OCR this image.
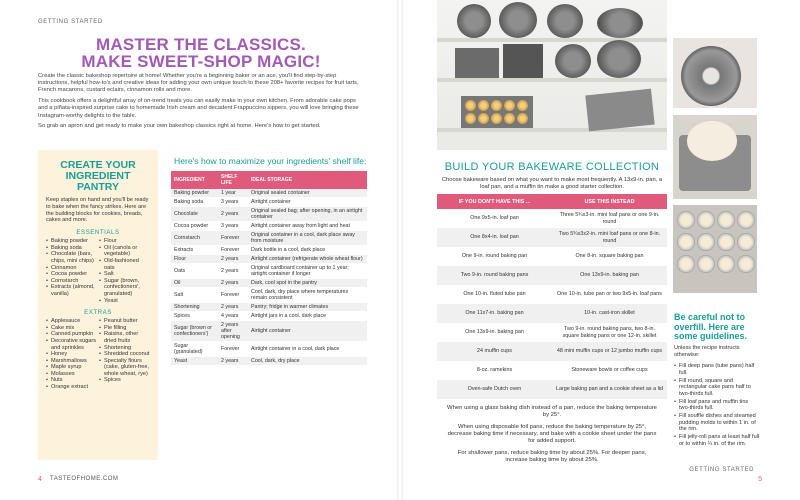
GETTING STARTED
MASTER THE CLASSICS.
MAKE SWEET-SHOP MAGIC!

Create the classic bakeshop repertoire at home! Whether you're a beginning baker or an ace, you'll find step-by-step instructions, helpful how-to's and creative ideas for adding your own unique touch to these 208+ favorite recipes for fruit tarts, French macarons, custard eclairs, cinnamon rolls and more.

This cookbook offers a delightful array of on-trend treats you can easily make in your own kitchen. From adorable cake pops and a piñata-inspired surprise cake to homemade Irish cream and decadent Frappuccino sippers, you will love bringing these Instagram-worthy delights to the table.

So grab an apron and get ready to make your own bakeshop classics right at home. Here's how to get started.

CREATE YOUR
INGREDIENT PANTRY
Keep staples on hand and you'll be ready to bake when the fancy strikes. Here are the building blocks for cookies, breads, cakes and more.
ESSENTIALS
• Baking powder
• Baking soda
• Chocolate (bars, chips, mini chips)
• Cinnamon
• Cocoa powder
• Cornstarch
• Extracts (almond, vanilla)
• Flour
• Oil (canola or vegetable)
• Old-fashioned oats
• Salt
• Sugar (brown, confectioners', granulated)
• Yeast
EXTRAS
• Applesauce
• Cake mix
• Canned pumpkin
• Decorative sugars and sprinkles
• Honey
• Marshmallows
• Maple syrup
• Molasses
• Nuts
• Orange extract
• Peanut butter
• Pie filling
• Raisins, other dried fruits
• Shortening
• Shredded coconut
• Specialty flours (cake, gluten-free, whole wheat, rye)
• Spices
Here's how to maximize your ingredients' shelf life:
INGREDIENT	SHELF LIFE	IDEAL STORAGE
Baking powder	1 year	Original sealed container
Baking soda	3 years	Airtight container
Chocolate	2 years	Original sealed bag; after opening, in an airtight container
Cocoa powder	3 years	Airtight container away from light and heat
Cornstarch	Forever	Original container in a cool, dark place away from moisture
Extracts	Forever	Dark bottle in a cool, dark place
Flour	2 years	Airtight container (refrigerate whole wheat flour)
Oats	2 years	Original cardboard container up to 1 year; airtight container if longer
Oil	2 years	Dark, cool spot in the pantry
Salt	Forever	Cool, dark, dry place where temperatures remain consistent
Shortening	2 years	Pantry; fridge in warmer climates
Spices	4 years	Airtight jars in a cool, dark place
Sugar (brown or confectioners')	2 years after opening	Airtight container
Sugar (granulated)	Forever	Airtight container in a cool, dark place
Yeast	2 years	Cool, dark, dry place
4 TASTEOFHOME.COM
BUILD YOUR BAKEWARE COLLECTION
Choose bakeware based on what you want to make most frequently. A 13x9-in. pan, a loaf pan, and a muffin tin make a good starter collection.
IF YOU DON'T HAVE THIS ...	USE THIS INSTEAD
One 9x5-in. loaf pan	Three 5¾x3-in. mini loaf pans or one 9-in. round
One 8x4-in. loaf pan	Two 5¾x3x2-in. mini loaf pans or one 8-in. round
One 9-in. round baking pan	One 8-in. square baking pan
Two 9-in. round baking pans	One 13x9-in. baking pan
One 10-in. fluted tube pan	One 10-in. tube pan or two 9x5-in. loaf pans
One 11x7-in. baking pan	10-in. cast-iron skillet
One 13x9-in. baking pan	Two 9-in. round baking pans, two 8-in. square baking pans or one 12-in. skillet
24 muffin cups	48 mini muffin cups or 12 jumbo muffin cups
8-oz. ramekins	Stoneware bowls or coffee cups
Oven-safe Dutch oven	Large baking pan and a cookie sheet as a lid

When using a glass baking dish instead of a pan, reduce the baking temperature by 25°.

When using disposable foil pans, reduce the baking temperature by 25°, decrease baking time if necessary, and bake with a cookie sheet under the pans for added support.

For shallower pans, reduce baking time by about 25%. For deeper pans, increase baking time by about 25%.

Be careful not to overfill. Here are some guidelines.
Unless the recipe instructs otherwise:
• Fill deep pans (tube pans) half full.
• Fill round, square and rectangular cake pans half to two-thirds full.
• Fill loaf pans and muffin tins two-thirds full.
• Fill souffle dishes and steamed pudding molds to within 1 in. of the rim.
• Fill jelly-roll pans at least half full or to within ¼ in. of the rim.
GETTING STARTED
5
